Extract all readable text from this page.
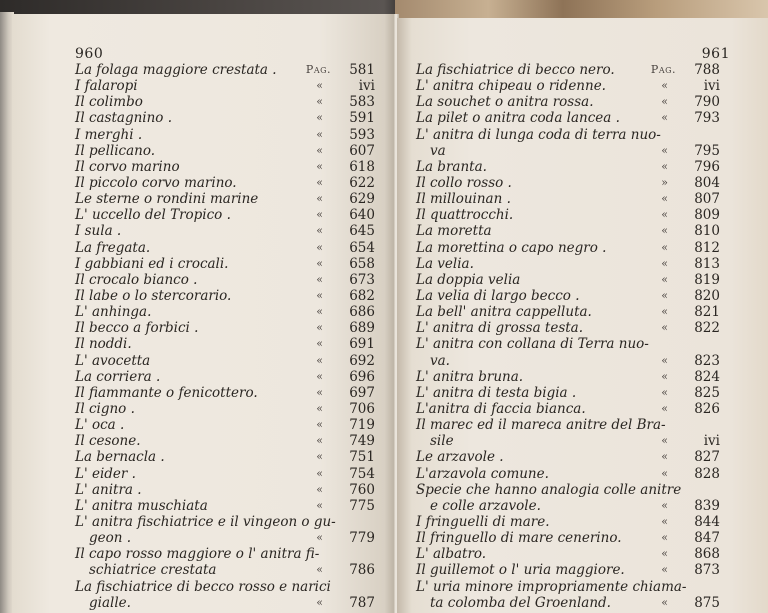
960
La folaga maggiore crestata .	Pag.	581
I falaropi	«	ivi
Il colimbo	«	583
Il castagnino .	«	591
I merghi .	«	593
Il pellicano.	«	607
Il corvo marino	«	618
Il piccolo corvo marino.	«	622
Le sterne o rondini marine	«	629
L' uccello del Tropico .	«	640
I sula .	«	645
La fregata.	«	654
I gabbiani ed i crocali.	«	658
Il crocalo bianco .	«	673
Il labe o lo stercorario.	«	682
L' anhinga.	«	686
Il becco a forbici .	«	689
Il noddi.	«	691
L' avocetta	«	692
La corriera .	«	696
Il fiammante o fenicottero.	«	697
Il cigno .	«	706
L' oca .	«	719
Il cesone.	«	749
La bernacla .	«	751
L' eider .	«	754
L' anitra .	«	760
L' anitra muschiata	«	775
L' anitra fischiatrice e il vingeon o gu-
geon .	«	779
Il capo rosso maggiore o l' anitra fi-
schiatrice crestata	«	786
La fischiatrice di becco rosso e narici
gialle.	«	787
961
La fischiatrice di becco nero.	Pag.	788
L' anitra chipeau o ridenne.	«	ivi
La souchet o anitra rossa.	«	790
La pilet o anitra coda lancea .	«	793
L' anitra di lunga coda di terra nuo-
va	«	795
La branta.	«	796
Il collo rosso .	»	804
Il millouinan .	«	807
Il quattrocchi.	«	809
La moretta	«	810
La morettina o capo negro .	«	812
La velia.	«	813
La doppia velia	«	819
La velia di largo becco .	«	820
La bell' anitra cappelluta.	«	821
L' anitra di grossa testa.	«	822
L' anitra con collana di Terra nuo-
va.	«	823
L' anitra bruna.	«	824
L' anitra di testa bigia .	«	825
L'anitra di faccia bianca.	«	826
Il marec ed il mareca anitre del Bra-
sile	«	ivi
Le arzavole .	«	827
L'arzavola comune.	«	828
Specie che hanno analogia colle anitre
e colle arzavole.	«	839
I fringuelli di mare.	«	844
Il fringuello di mare cenerino.	«	847
L' albatro.	«	868
Il guillemot o l' uria maggiore.	«	873
L' uria minore impropriamente chiama-
ta colomba del Groenland.	«	875
